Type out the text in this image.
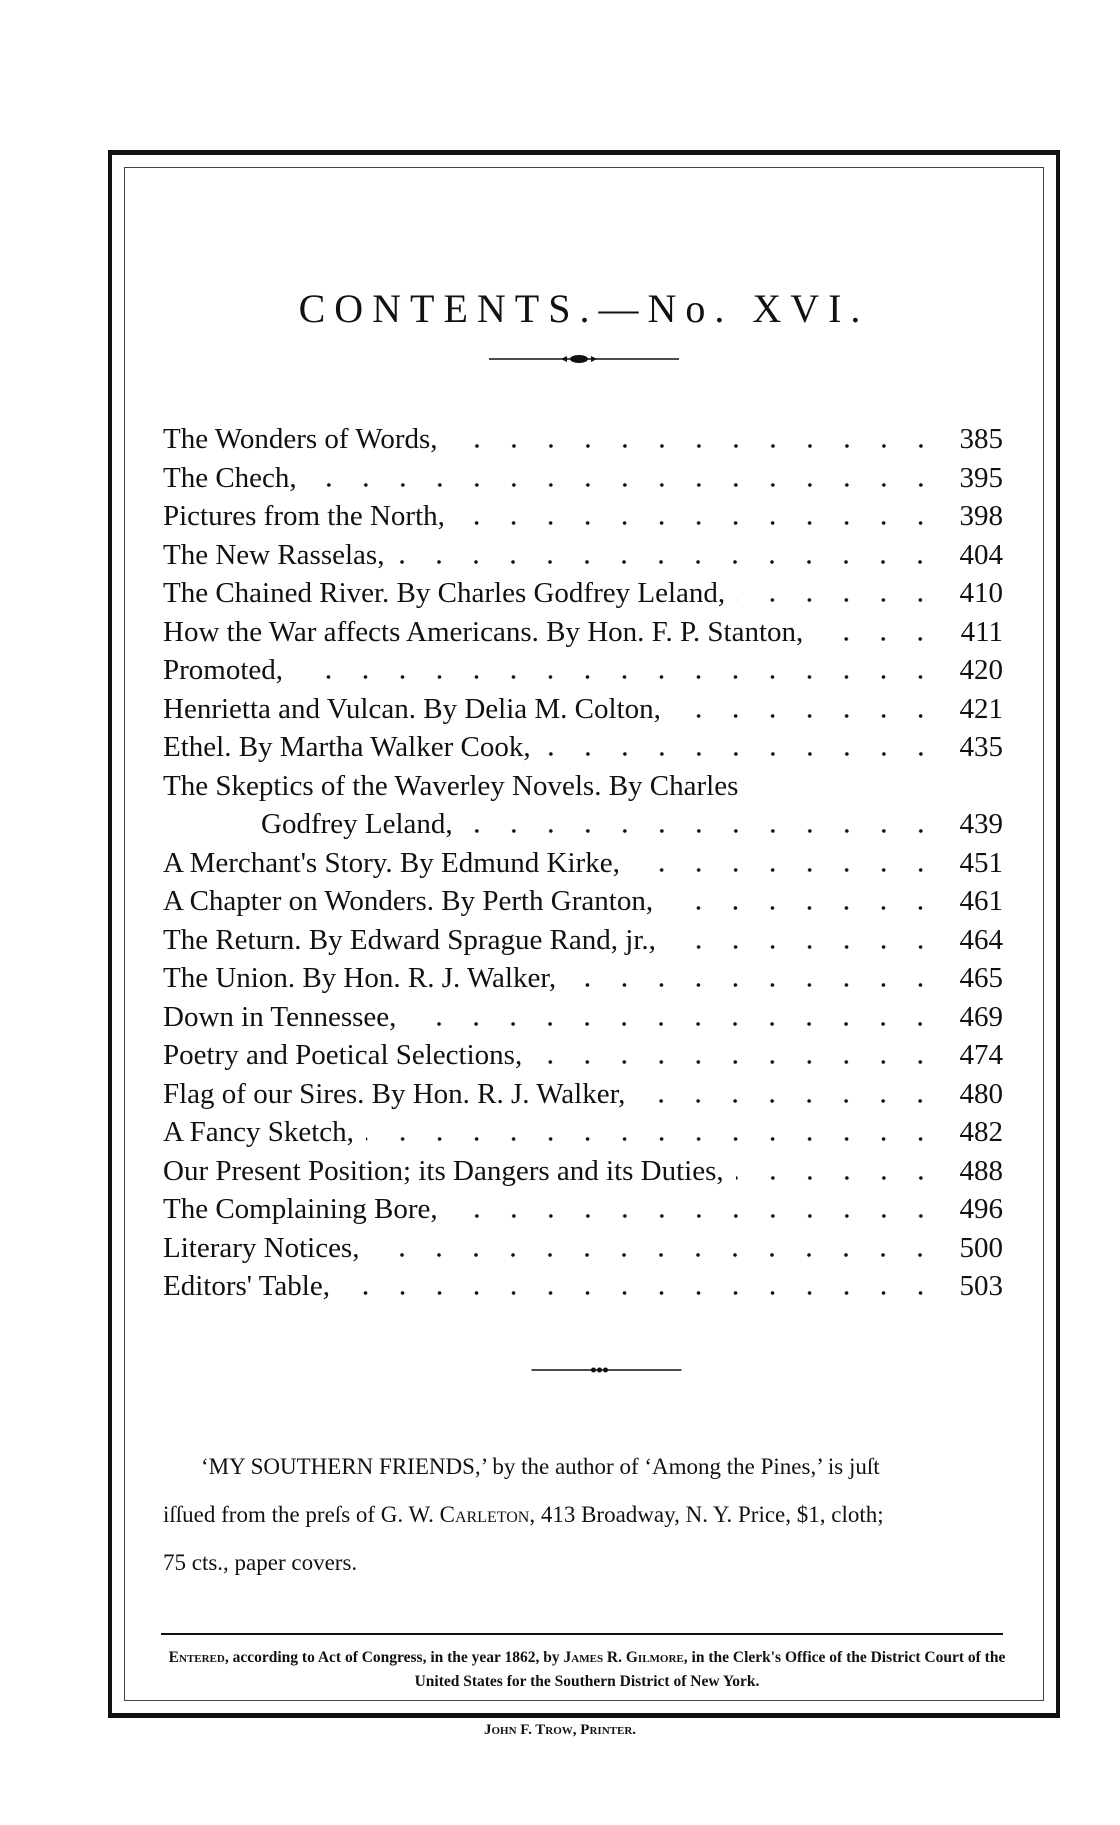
CONTENTS.—No. XVI.
The Wonders of Words,	385
The Chech,	395
Pictures from the North,	398
The New Rasselas,	404
The Chained River. By Charles Godfrey Leland,	410
How the War affects Americans. By Hon. F. P. Stanton,	411
Promoted,	420
Henrietta and Vulcan. By Delia M. Colton,	421
Ethel. By Martha Walker Cook,	435
The Skeptics of the Waverley Novels. By Charles
Godfrey Leland,	439
A Merchant's Story. By Edmund Kirke,	451
A Chapter on Wonders. By Perth Granton,	461
The Return. By Edward Sprague Rand, jr.,	464
The Union. By Hon. R. J. Walker,	465
Down in Tennessee,	469
Poetry and Poetical Selections,	474
Flag of our Sires. By Hon. R. J. Walker,	480
A Fancy Sketch,	482
Our Present Position; its Dangers and its Duties,	488
The Complaining Bore,	496
Literary Notices,	500
Editors' Table,	503
‘MY SOUTHERN FRIENDS,’ by the author of ‘Among the Pines,’ is juſt
iſſued from the preſs of G. W. Carleton, 413 Broadway, N. Y. Price, $1, cloth;
75 cts., paper covers.
Entered, according to Act of Congress, in the year 1862, by James R. Gilmore, in the Clerk's Office of the District Court of the United States for the Southern District of New York.
John F. Trow, Printer.
